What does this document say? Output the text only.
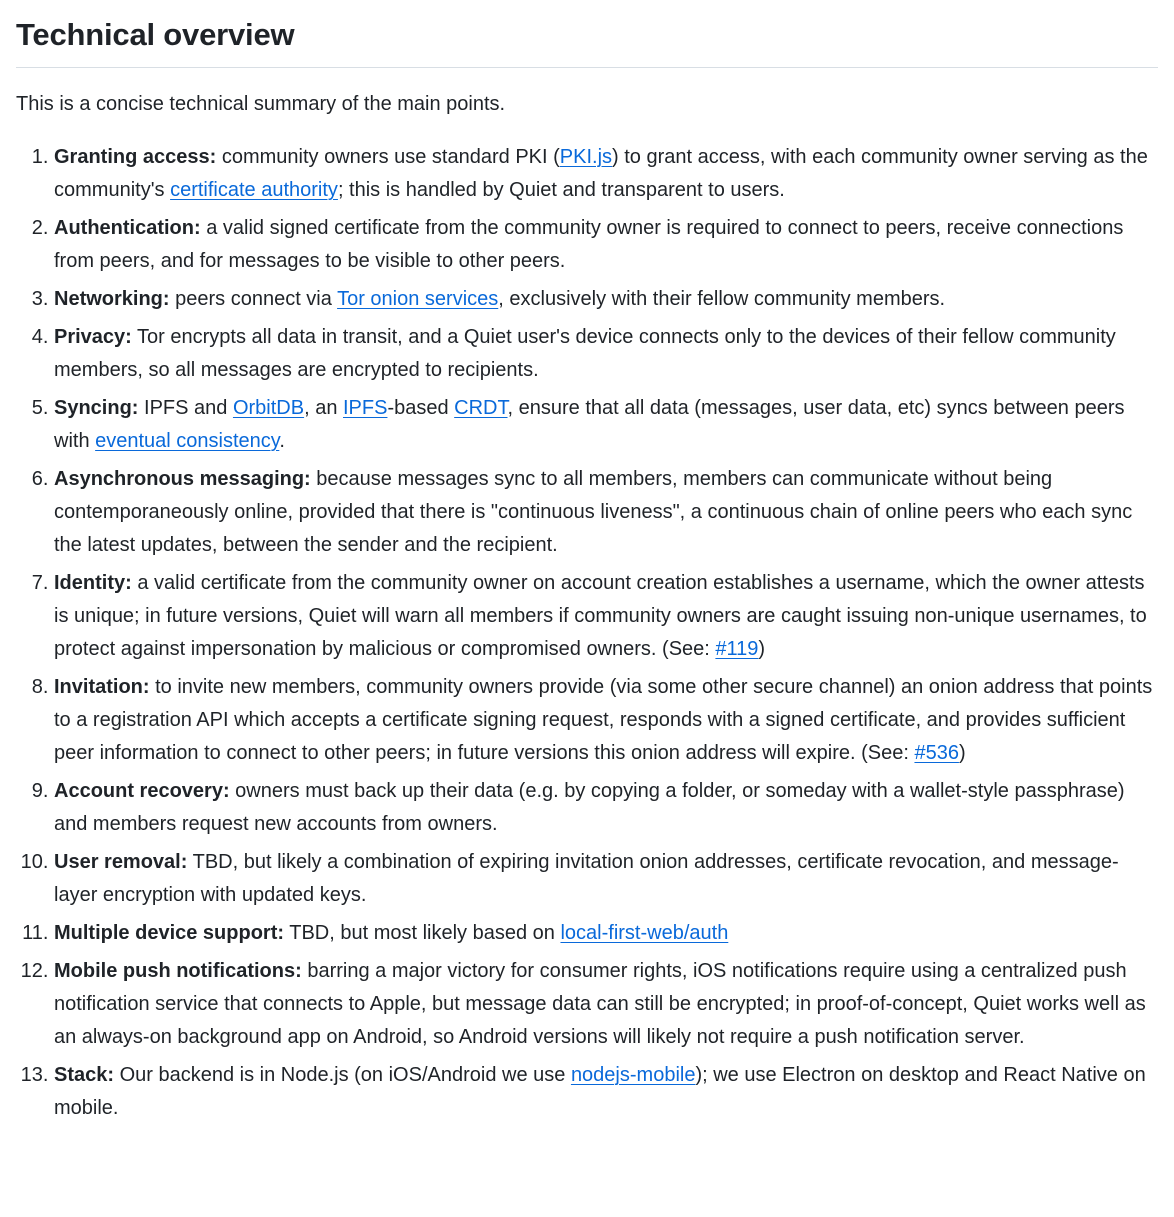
Technical overview

This is a concise technical summary of the main points.

1. Granting access: community owners use standard PKI (PKI.js) to grant access, with each community owner serving as the community's certificate authority; this is handled by Quiet and transparent to users.
2. Authentication: a valid signed certificate from the community owner is required to connect to peers, receive connections from peers, and for messages to be visible to other peers.
3. Networking: peers connect via Tor onion services, exclusively with their fellow community members.
4. Privacy: Tor encrypts all data in transit, and a Quiet user's device connects only to the devices of their fellow community members, so all messages are encrypted to recipients.
5. Syncing: IPFS and OrbitDB, an IPFS-based CRDT, ensure that all data (messages, user data, etc) syncs between peers with eventual consistency.
6. Asynchronous messaging: because messages sync to all members, members can communicate without being contemporaneously online, provided that there is "continuous liveness", a continuous chain of online peers who each sync the latest updates, between the sender and the recipient.
7. Identity: a valid certificate from the community owner on account creation establishes a username, which the owner attests is unique; in future versions, Quiet will warn all members if community owners are caught issuing non-unique usernames, to protect against impersonation by malicious or compromised owners. (See: #119)
8. Invitation: to invite new members, community owners provide (via some other secure channel) an onion address that points to a registration API which accepts a certificate signing request, responds with a signed certificate, and provides sufficient peer information to connect to other peers; in future versions this onion address will expire. (See: #536)
9. Account recovery: owners must back up their data (e.g. by copying a folder, or someday with a wallet-style passphrase) and members request new accounts from owners.
10. User removal: TBD, but likely a combination of expiring invitation onion addresses, certificate revocation, and message-layer encryption with updated keys.
11. Multiple device support: TBD, but most likely based on local-first-web/auth
12. Mobile push notifications: barring a major victory for consumer rights, iOS notifications require using a centralized push notification service that connects to Apple, but message data can still be encrypted; in proof-of-concept, Quiet works well as an always-on background app on Android, so Android versions will likely not require a push notification server.
13. Stack: Our backend is in Node.js (on iOS/Android we use nodejs-mobile); we use Electron on desktop and React Native on mobile.
